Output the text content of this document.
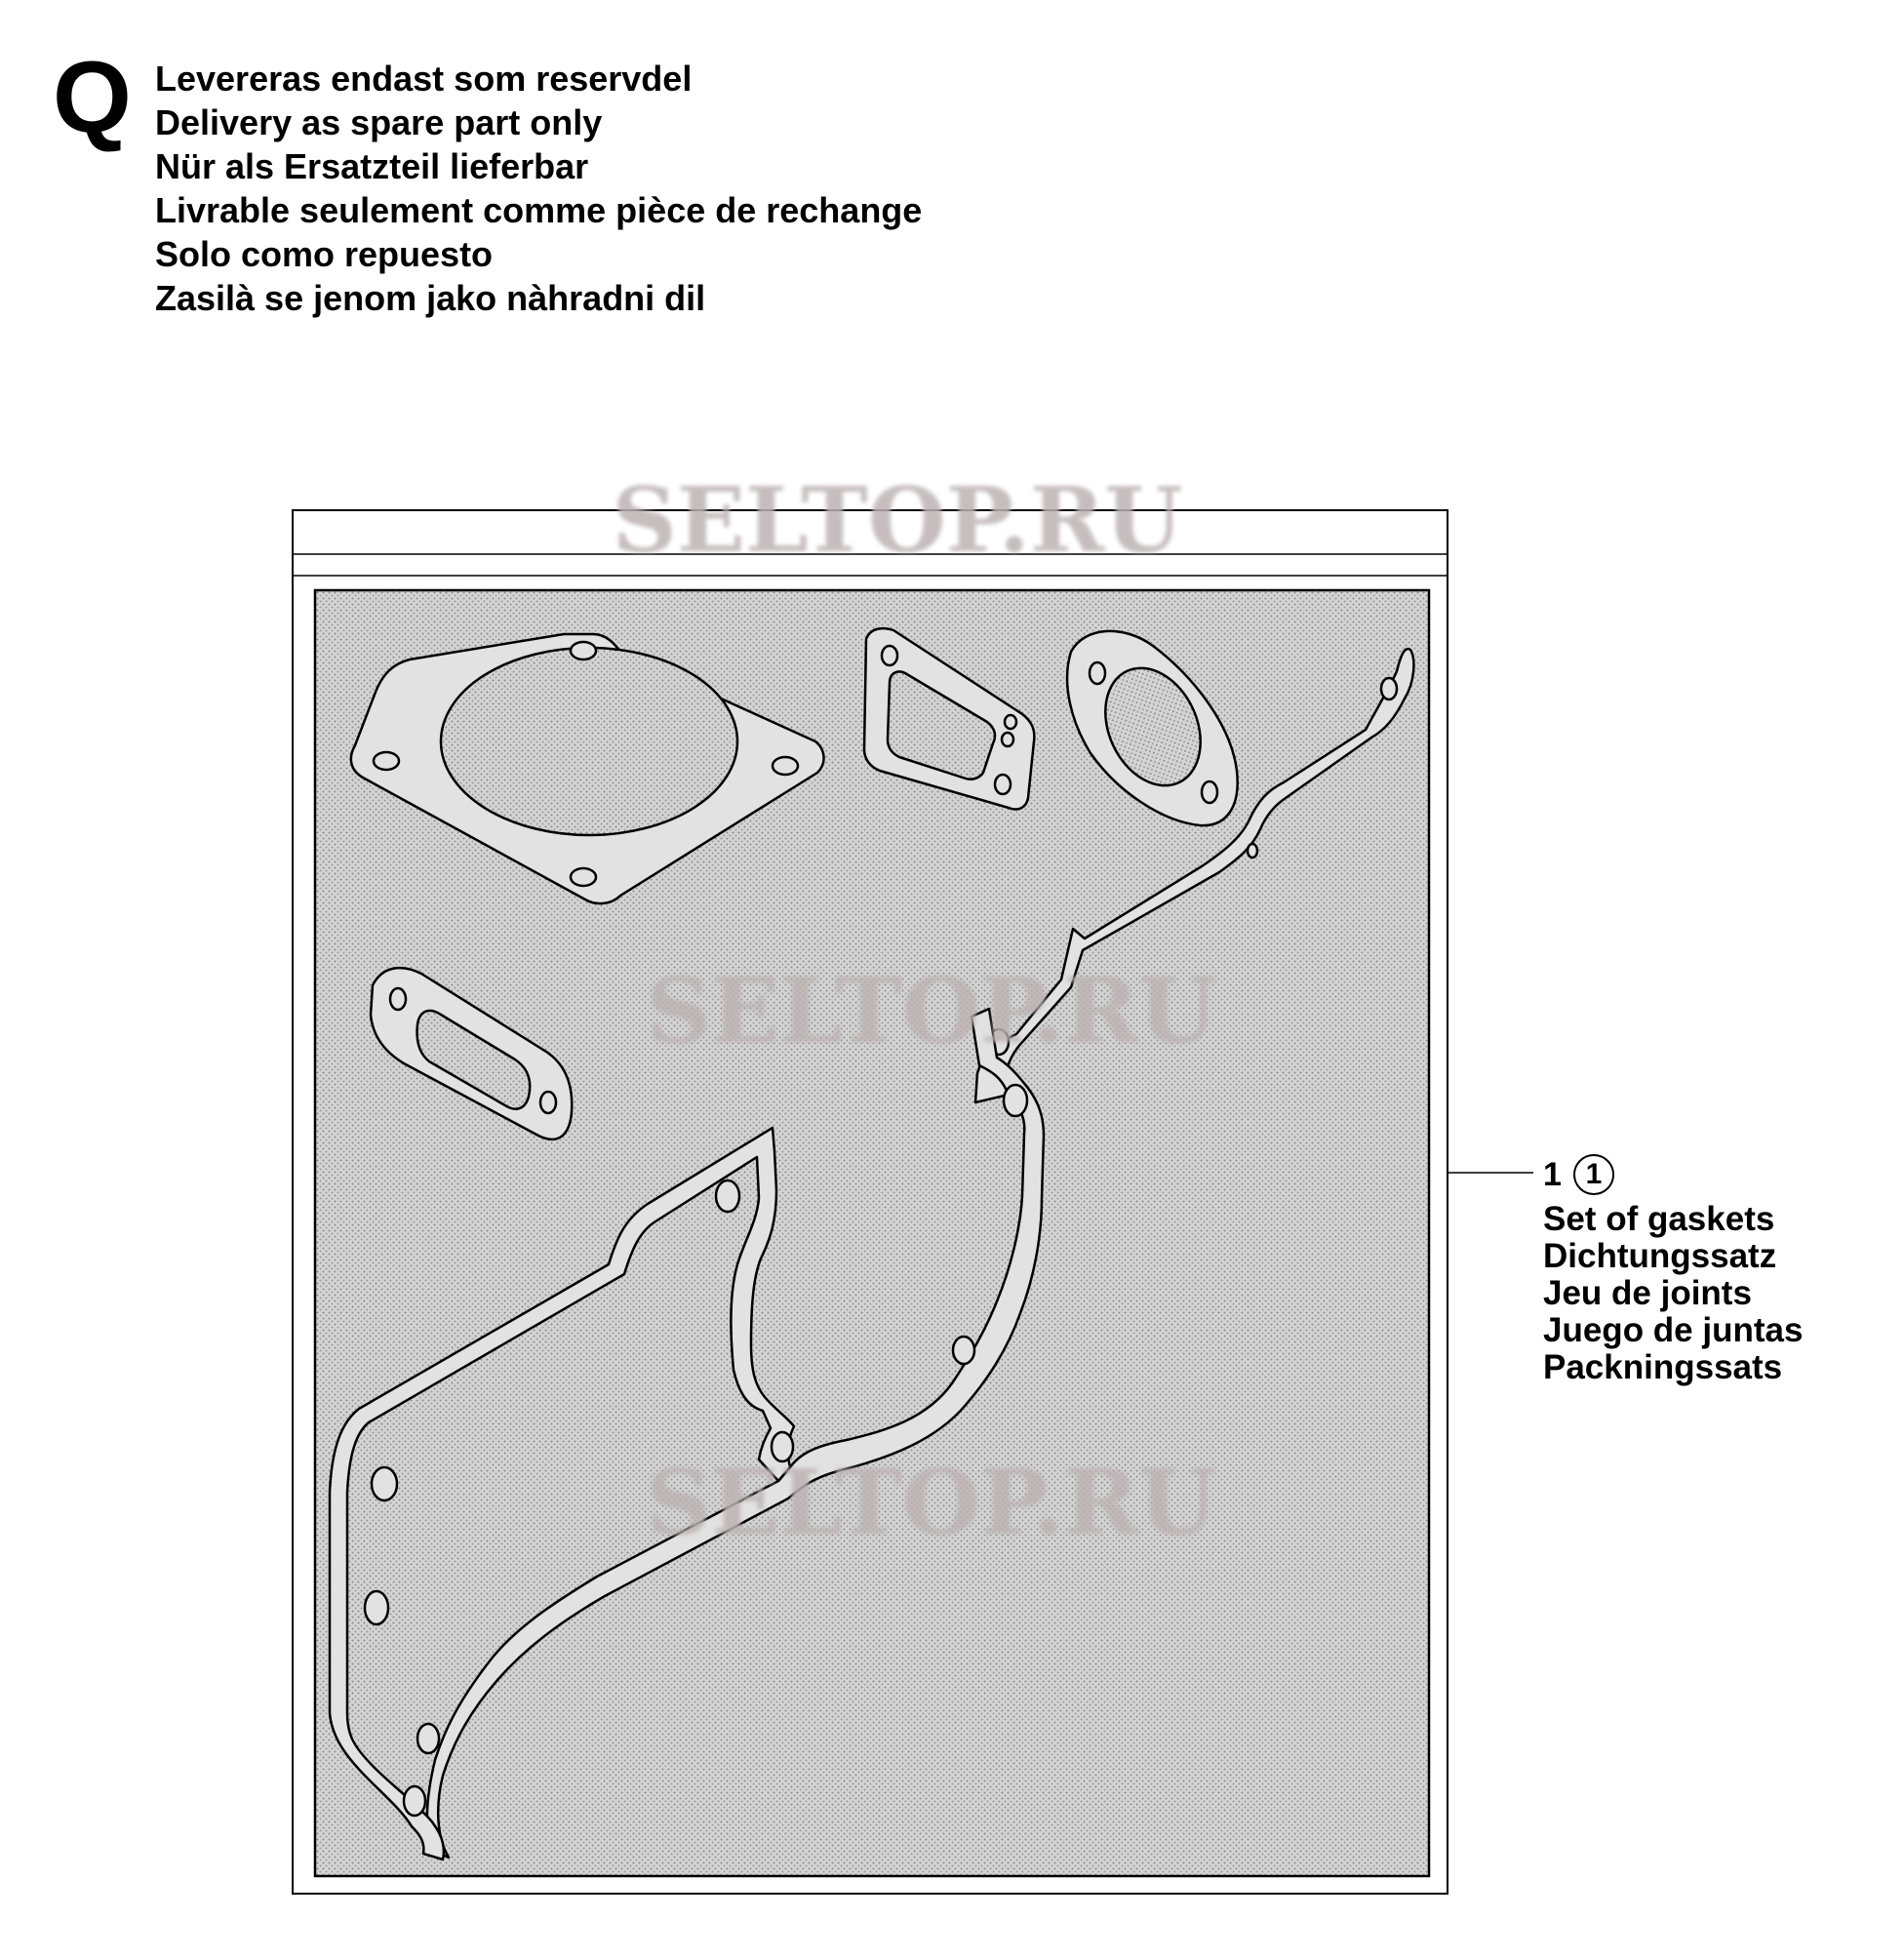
Q Levereras endast som reservdel
Delivery as spare part only
Nür als Ersatzteil lieferbar
Livrable seulement comme pièce de rechange
Solo como repuesto
Zasilà se jenom jako nàhradni dil
SELTOP.RU
SELTOP.RU
SELTOP.RU
1 1
Set of gaskets
Dichtungssatz
Jeu de joints
Juego de juntas
Packningssats
